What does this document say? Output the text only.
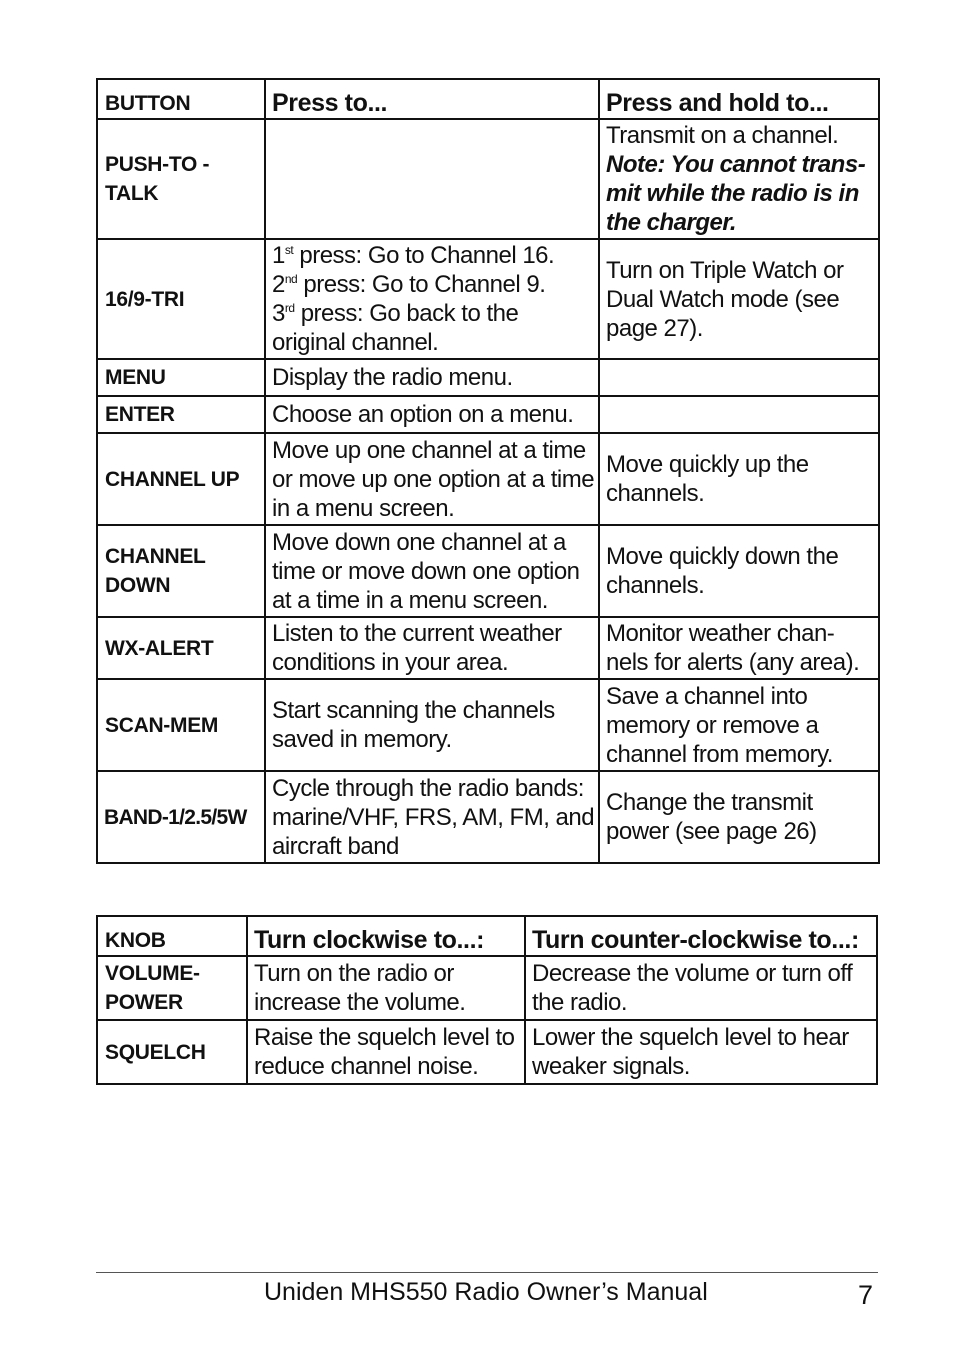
BUTTON	Press to...	Press and hold to...

PUSH-TO -
TALK		Transmit on a channel.
Note: You cannot trans-
mit while the radio is in
the charger.

16/9-TRI	1st press: Go to Channel 16.
2nd press: Go to Channel 9.
3rd press: Go back to the original channel.	Turn on Triple Watch or Dual Watch mode (see page 27).
MENU	Display the radio menu.	
ENTER	Choose an option on a menu.	
CHANNEL UP	Move up one channel at a time or move up one option at a time in a menu screen.	Move quickly up the channels.
CHANNEL DOWN	Move down one channel at a time or move down one option at a time in a menu screen.	Move quickly down the channels.
WX-ALERT	Listen to the current weather conditions in your area.	Monitor weather chan-
nels for alerts (any area).

SCAN-MEM	Start scanning the channels saved in memory.	Save a channel into memory or remove a channel from memory.
BAND-1/2.5/5W	Cycle through the radio bands: marine/VHF, FRS, AM, FM, and aircraft band	Change the transmit power (see page 26)
KNOB	Turn clockwise to...:	Turn counter-clockwise to...:

VOLUME-
POWER	Turn on the radio or increase the volume.	Decrease the volume or turn off the radio.
SQUELCH	Raise the squelch level to reduce channel noise.	Lower the squelch level to hear weaker signals.
Uniden MHS550 Radio Owner’s Manual	7
